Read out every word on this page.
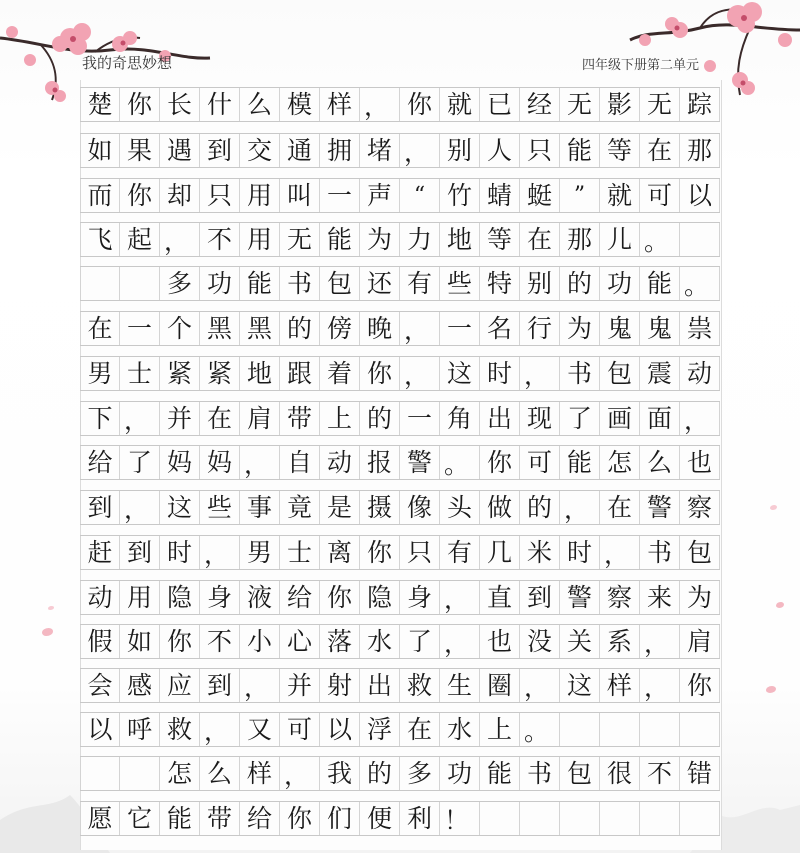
我的奇思妙想	四年级下册第二单元
楚 你 长 什 么 模 样 ， 你 就 已 经 无 影 无 踪
如 果 遇 到 交 通 拥 堵 ， 别 人 只 能 等 在 那
而 你 却 只 用 叫 一 声 “ 竹 蜻 蜓 ” 就 可 以
飞 起 ， 不 用 无 能 为 力 地 等 在 那 儿 。
多 功 能 书 包 还 有 些 特 别 的 功 能 。
在 一 个 黑 黑 的 傍 晚 ， 一 名 行 为 鬼 鬼 祟
男 士 紧 紧 地 跟 着 你 ， 这 时 ， 书 包 震 动
下 ， 并 在 肩 带 上 的 一 角 出 现 了 画 面 ，
给 了 妈 妈 ， 自 动 报 警 。 你 可 能 怎 么 也
到 ， 这 些 事 竟 是 摄 像 头 做 的 ， 在 警 察
赶 到 时 ， 男 士 离 你 只 有 几 米 时 ， 书 包
动 用 隐 身 液 给 你 隐 身 ， 直 到 警 察 来 为
假 如 你 不 小 心 落 水 了 ， 也 没 关 系 ， 肩
会 感 应 到 ， 并 射 出 救 生 圈 ， 这 样 ， 你
以 呼 救 ， 又 可 以 浮 在 水 上 。
怎 么 样 ， 我 的 多 功 能 书 包 很 不 错
愿 它 能 带 给 你 们 便 利 ！
